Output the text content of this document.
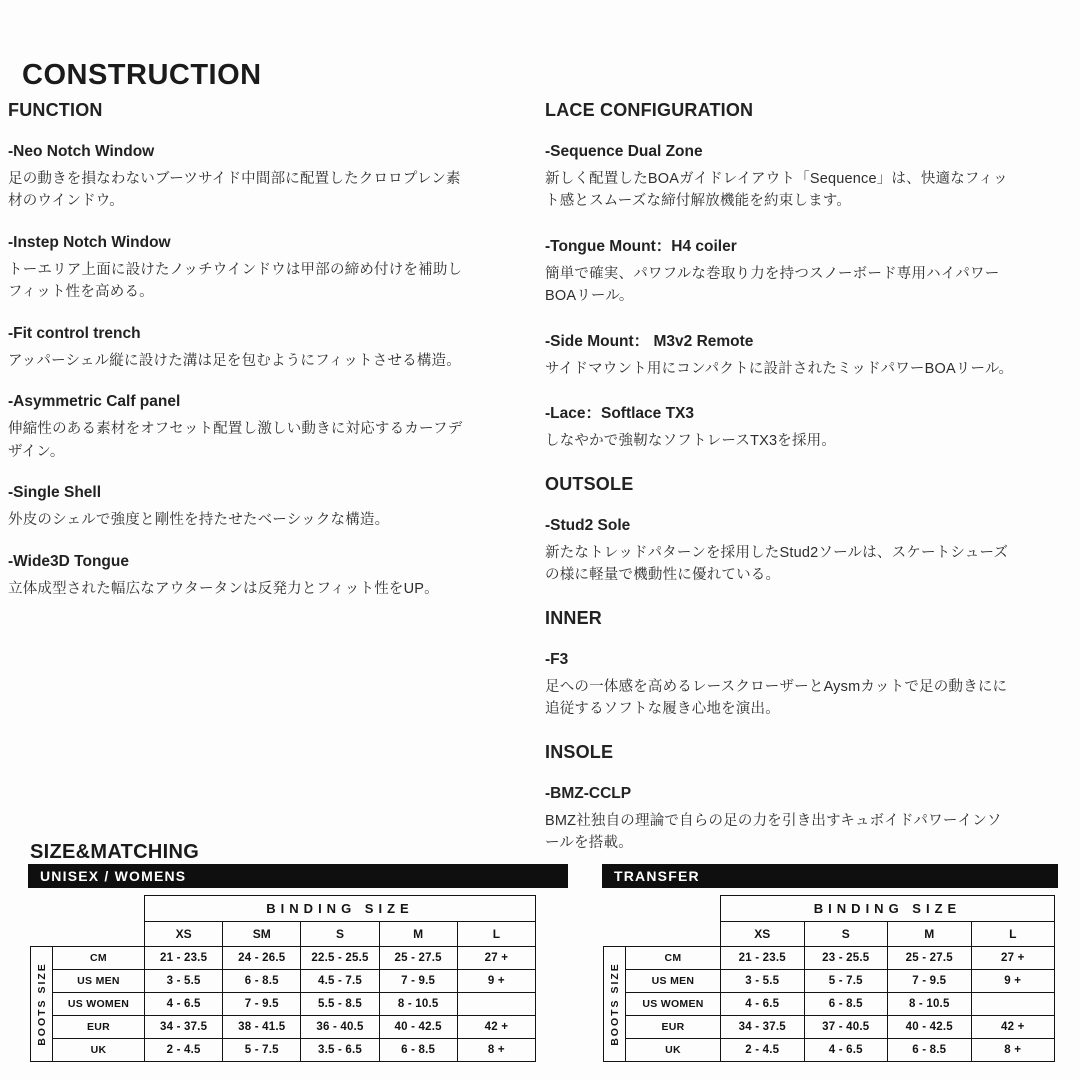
CONSTRUCTION
FUNCTION
-Neo Notch Window

足の動きを損なわないブーツサイド中間部に配置したクロロプレン素材のウインドウ。

-Instep Notch Window

トーエリア上面に設けたノッチウインドウは甲部の締め付けを補助しフィット性を高める。

-Fit control trench

アッパーシェル縦に設けた溝は足を包むようにフィットさせる構造。

-Asymmetric Calf panel

伸縮性のある素材をオフセット配置し激しい動きに対応するカーフデザイン。

-Single Shell

外皮のシェルで強度と剛性を持たせたベーシックな構造。

-Wide3D Tongue

立体成型された幅広なアウタータンは反発力とフィット性をUP。

LACE CONFIGURATION
-Sequence Dual Zone

新しく配置したBOAガイドレイアウト「Sequence」は、快適なフィット感とスムーズな締付解放機能を約束します。

-Tongue Mount：H4 coiler

簡単で確実、パワフルな巻取り力を持つスノーボード専用ハイパワーBOAリール。

-Side Mount： M3v2 Remote

サイドマウント用にコンパクトに設計されたミッドパワーBOAリール。

-Lace：Softlace TX3

しなやかで強靭なソフトレースTX3を採用。

OUTSOLE
-Stud2 Sole

新たなトレッドパターンを採用したStud2ソールは、スケートシューズの様に軽量で機動性に優れている。

INNER
-F3

足への一体感を高めるレースクローザーとAysmカットで足の動きにに追従するソフトな履き心地を演出。

INSOLE
-BMZ-CCLP

BMZ社独自の理論で自らの足の力を引き出すキュボイドパワーインソールを搭載。

SIZE&MATCHING
UNISEX / WOMENS
		BINDING SIZE				
		XS	SM	S	M	L

BOOTS SIZE	CM	21 - 23.5	24 - 26.5	22.5 - 25.5	25 - 27.5	27 +
	US MEN	3 - 5.5	6 - 8.5	4.5 - 7.5	7 - 9.5	9 +
	US WOMEN	4 - 6.5	7 - 9.5	5.5 - 8.5	8 - 10.5	
	EUR	34 - 37.5	38 - 41.5	36 - 40.5	40 - 42.5	42 +
	UK	2 - 4.5	5 - 7.5	3.5 - 6.5	6 - 8.5	8 +
TRANSFER
		BINDING SIZE			
		XS	S	M	L

BOOTS SIZE	CM	21 - 23.5	23 - 25.5	25 - 27.5	27 +
	US MEN	3 - 5.5	5 - 7.5	7 - 9.5	9 +
	US WOMEN	4 - 6.5	6 - 8.5	8 - 10.5	
	EUR	34 - 37.5	37 - 40.5	40 - 42.5	42 +
	UK	2 - 4.5	4 - 6.5	6 - 8.5	8 +
